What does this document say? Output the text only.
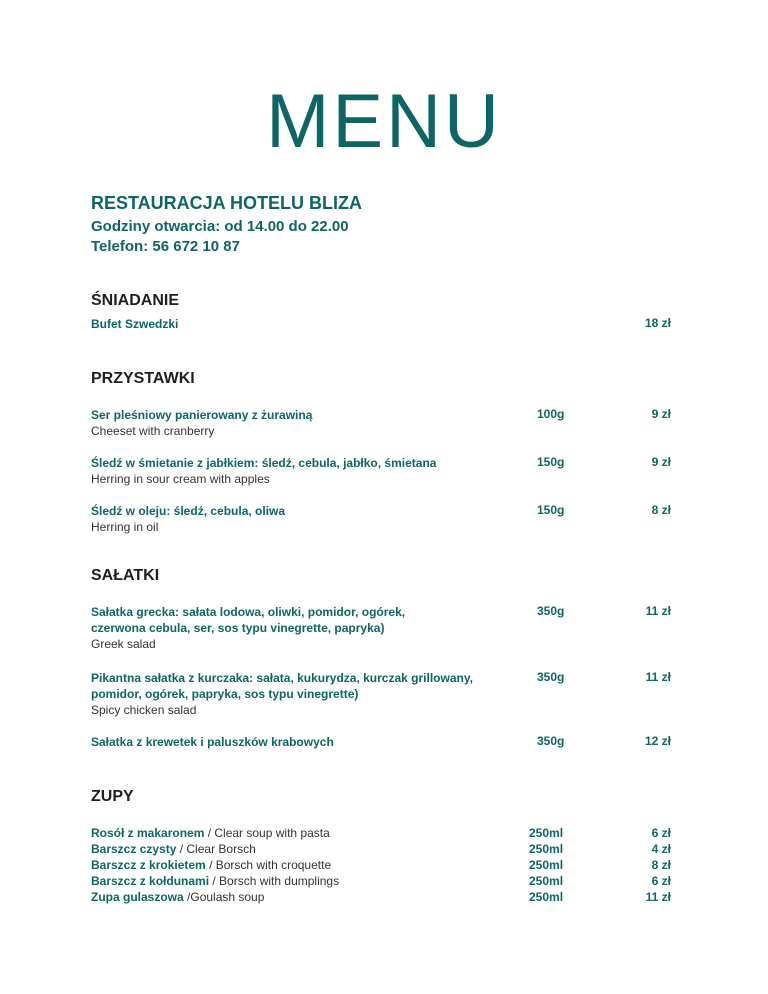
MENU
RESTAURACJA HOTELU BLIZA
Godziny otwarcia: od 14.00 do 22.00
Telefon: 56 672 10 87
ŚNIADANIE
Bufet Szwedzki	18 zł
PRZYSTAWKI
Ser pleśniowy panierowany z żurawiną
Cheeset with cranberry
100g	9 zł
Śledź w śmietanie z jabłkiem: śledź, cebula, jabłko, śmietana
Herring in sour cream with apples
150g	9 zł
Śledź w oleju: śledź, cebula, oliwa
Herring in oil
150g	8 zł
SAŁATKI
Sałatka grecka: sałata lodowa, oliwki, pomidor, ogórek,
czerwona cebula, ser, sos typu vinegrette, papryka)
Greek salad
350g	11 zł
Pikantna sałatka z kurczaka: sałata, kukurydza, kurczak grillowany,
pomidor, ogórek, papryka, sos typu vinegrette)
Spicy chicken salad
350g	11 zł
Sałatka z krewetek i paluszków krabowych	350g	12 zł
ZUPY
Rosół z makaronem / Clear soup with pasta	250ml	6 zł
Barszcz czysty / Clear Borsch	250ml	4 zł
Barszcz z krokietem / Borsch with croquette	250ml	8 zł
Barszcz z kołdunami / Borsch with dumplings	250ml	6 zł
Zupa gulaszowa /Goulash soup	250ml	11 zł
